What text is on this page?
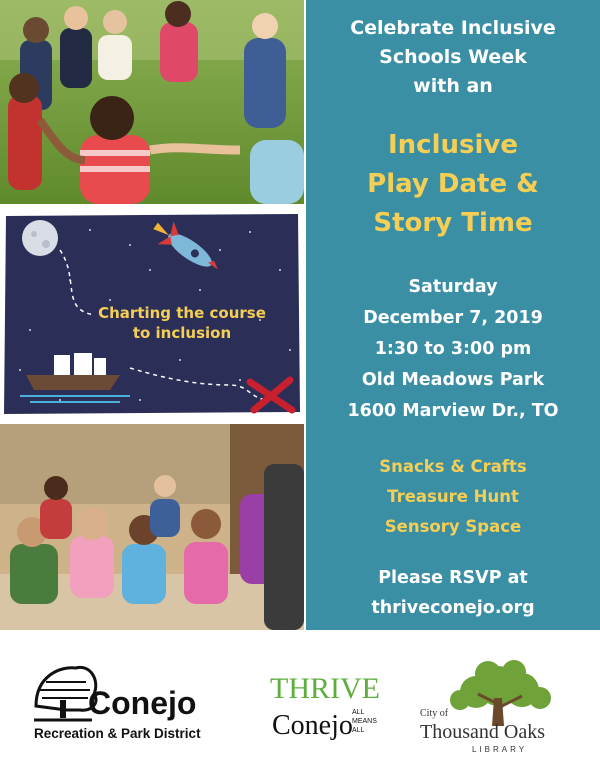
Charting the course
to inclusion
Celebrate Inclusive
Schools Week
with an
Inclusive
Play Date &
Story Time
Saturday
December 7, 2019
1:30 to 3:00 pm
Old Meadows Park
1600 Marview Dr., TO
Snacks & Crafts
Treasure Hunt
Sensory Space
Please RSVP at
thriveconejo.org
Conejo
Recreation & Park District
THRIVE
Conejo ALL
MEANS
ALL
City of
Thousand Oaks
LIBRARY
